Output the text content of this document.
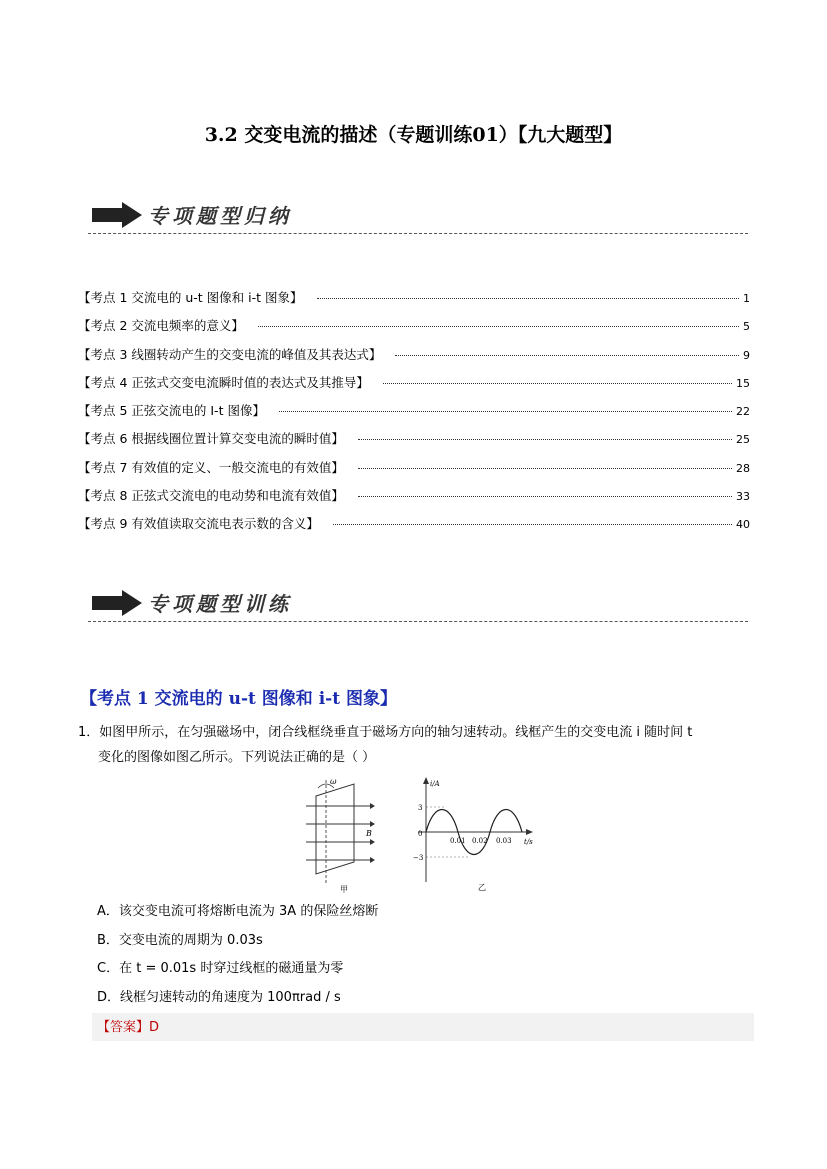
3.2 交变电流的描述（专题训练01）【九大题型】
专项题型归纳
【考点 1 交流电的 u-t 图像和 i-t 图象】	1
【考点 2 交流电频率的意义】	5
【考点 3 线圈转动产生的交变电流的峰值及其表达式】	9
【考点 4 正弦式交变电流瞬时值的表达式及其推导】	15
【考点 5 正弦交流电的 I-t 图像】	22
【考点 6 根据线圈位置计算交变电流的瞬时值】	25
【考点 7 有效值的定义、一般交流电的有效值】	28
【考点 8 正弦式交流电的电动势和电流有效值】	33
【考点 9 有效值读取交流电表示数的含义】	40
专项题型训练
【考点 1 交流电的 u-t 图像和 i-t 图象】
1．如图甲所示，在匀强磁场中，闭合线框绕垂直于磁场方向的轴匀速转动。线框产生的交变电流 i 随时间 t
变化的图像如图乙所示。下列说法正确的是（ ）
ω
B
甲
i/A
t/s
3
−3
0
0.01 0.02 0.03
乙
A．该交变电流可将熔断电流为 3A 的保险丝熔断
B．交变电流的周期为 0.03s
C．在 t = 0.01s 时穿过线框的磁通量为零
D．线框匀速转动的角速度为 100πrad / s
【答案】D
